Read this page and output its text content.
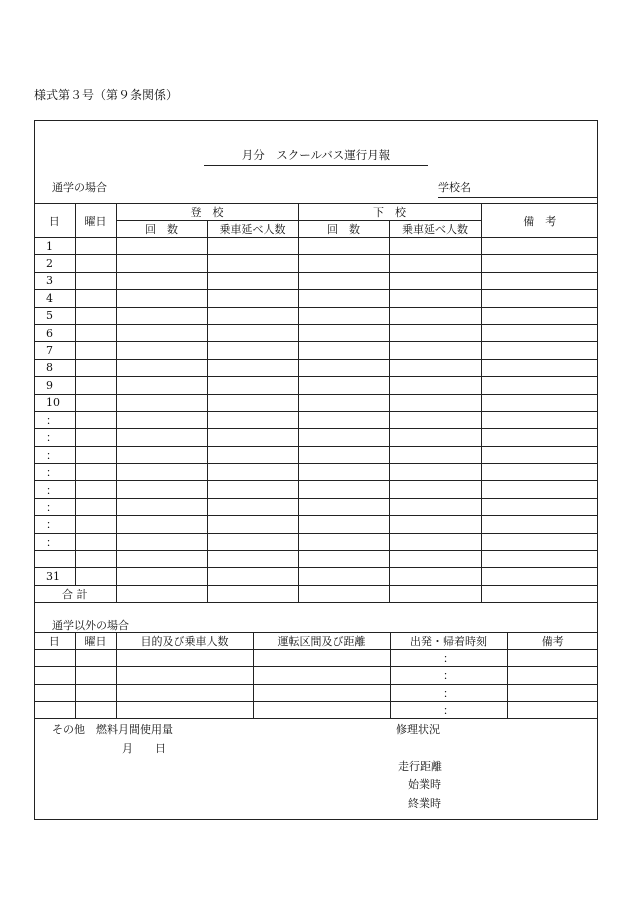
様式第３号（第９条関係）
月分　スクールバス運行月報
通学の場合	学校名
日	曜日	登　校		下　校		備　考
		回　数	乗車延べ人数	回　数	乗車延べ人数	
1						
2						
3						
4						
5						
6						
7						
8						
9						
10						
：						
：						
：						
：						
：						
：						
：						
：						

31						
合 計						
通学以外の場合
日	曜日	目的及び乗車人数	運転区間及び距離	出発・帰着時刻	備考
				：	
				：	
				：	
				：	
その他　燃料月間使用量
月　　日
修理状況
走行距離
始業時
終業時
